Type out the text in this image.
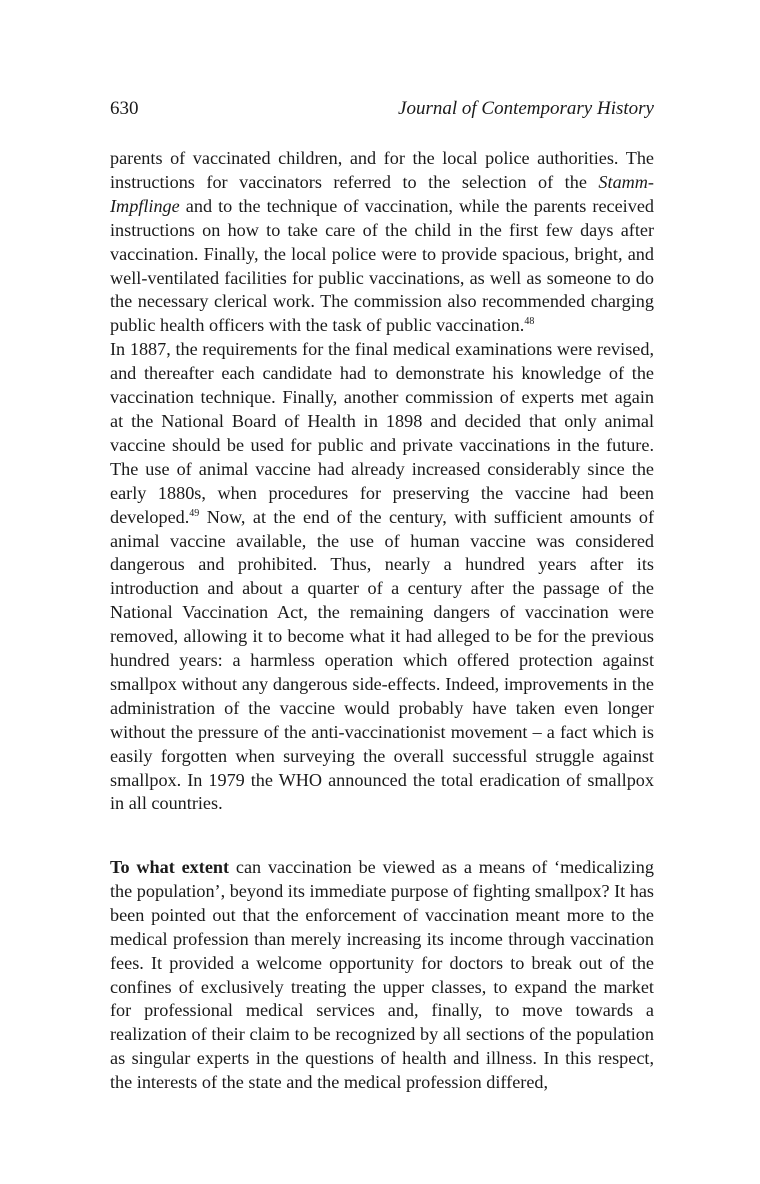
630	Journal of Contemporary History

parents of vaccinated children, and for the local police authorities. The instructions for vaccinators referred to the selection of the Stamm-Impflinge and to the technique of vaccination, while the parents received instructions on how to take care of the child in the first few days after vaccination. Finally, the local police were to provide spacious, bright, and well-ventilated facilities for public vaccinations, as well as someone to do the necessary clerical work. The commission also recommended charging public health officers with the task of public vaccination.$^{48}$

In 1887, the requirements for the final medical examinations were revised, and thereafter each candidate had to demonstrate his knowledge of the vaccination technique. Finally, another commission of experts met again at the National Board of Health in 1898 and decided that only animal vaccine should be used for public and private vaccinations in the future. The use of animal vaccine had already increased considerably since the early 1880s, when procedures for preserving the vaccine had been developed.$^{49}$ Now, at the end of the century, with sufficient amounts of animal vaccine available, the use of human vaccine was considered dangerous and prohibited. Thus, nearly a hundred years after its introduction and about a quarter of a century after the passage of the National Vaccination Act, the remaining dangers of vaccination were removed, allowing it to become what it had alleged to be for the previous hundred years: a harmless operation which offered protection against smallpox without any dangerous side-effects. Indeed, improvements in the administration of the vaccine would probably have taken even longer without the pressure of the anti-vaccinationist movement – a fact which is easily forgotten when surveying the overall successful struggle against smallpox. In 1979 the WHO announced the total eradication of smallpox in all countries.

To what extent can vaccination be viewed as a means of ‘medicalizing the population’, beyond its immediate purpose of fighting smallpox? It has been pointed out that the enforcement of vaccination meant more to the medical profession than merely increasing its income through vaccination fees. It provided a welcome opportunity for doctors to break out of the confines of exclusively treating the upper classes, to expand the market for professional medical services and, finally, to move towards a realization of their claim to be recognized by all sections of the population as singular experts in the questions of health and illness. In this respect, the interests of the state and the medical profession differed,
